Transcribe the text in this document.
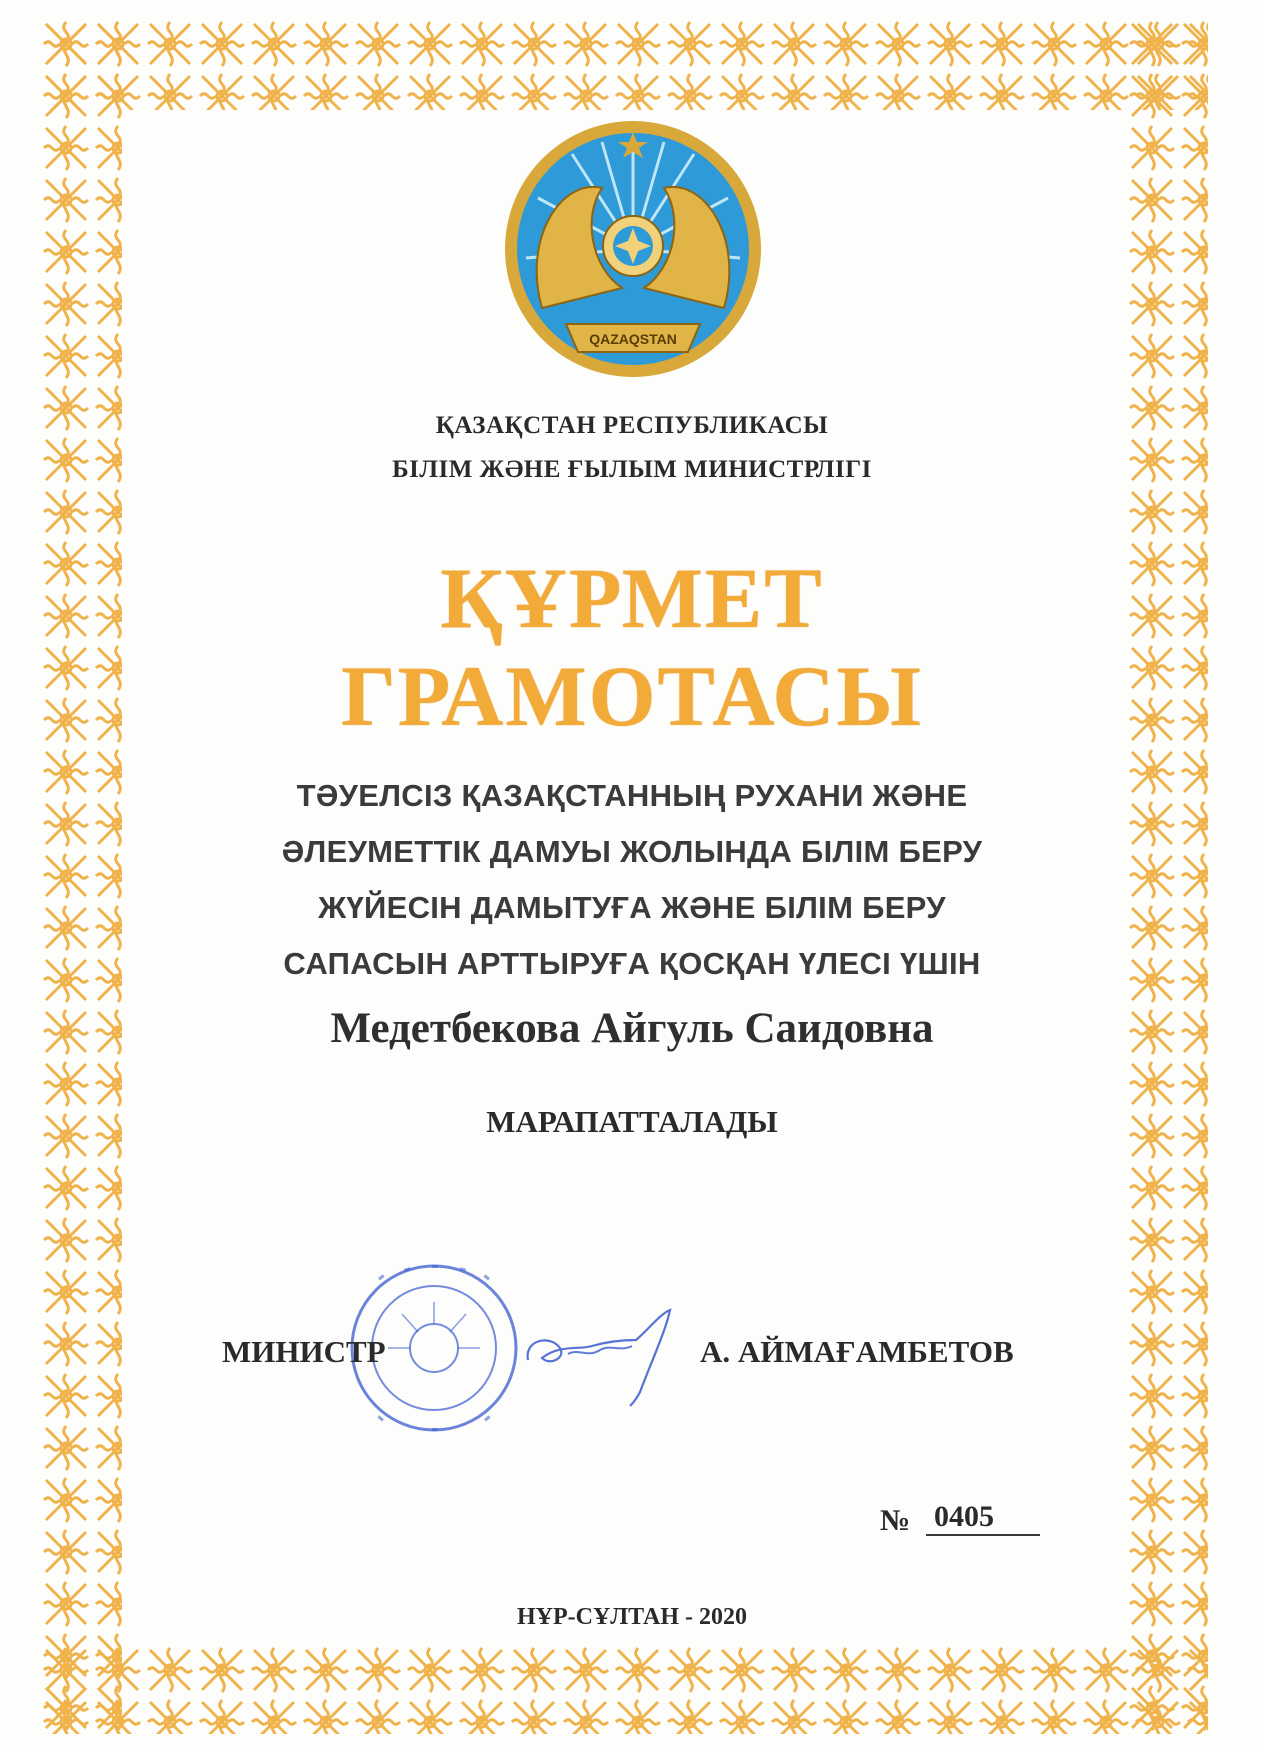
QAZAQSTAN
ҚАЗАҚСТАН РЕСПУБЛИКАСЫ
БІЛІМ ЖӘНЕ ҒЫЛЫМ МИНИСТРЛІГІ
ҚҰРМЕТ
ГРАМОТАСЫ
ТӘУЕЛСІЗ ҚАЗАҚСТАННЫҢ РУХАНИ ЖӘНЕ
ӘЛЕУМЕТТІК ДАМУЫ ЖОЛЫНДА БІЛІМ БЕРУ
ЖҮЙЕСІН ДАМЫТУҒА ЖӘНЕ БІЛІМ БЕРУ
САПАСЫН АРТТЫРУҒА ҚОСҚАН ҮЛЕСІ ҮШІН
Медетбекова Айгуль Саидовна
МАРАПАТТАЛАДЫ
МИНИСТР	А. АЙМАҒАМБЕТОВ
№ 0405
НҰР-СҰЛТАН - 2020
